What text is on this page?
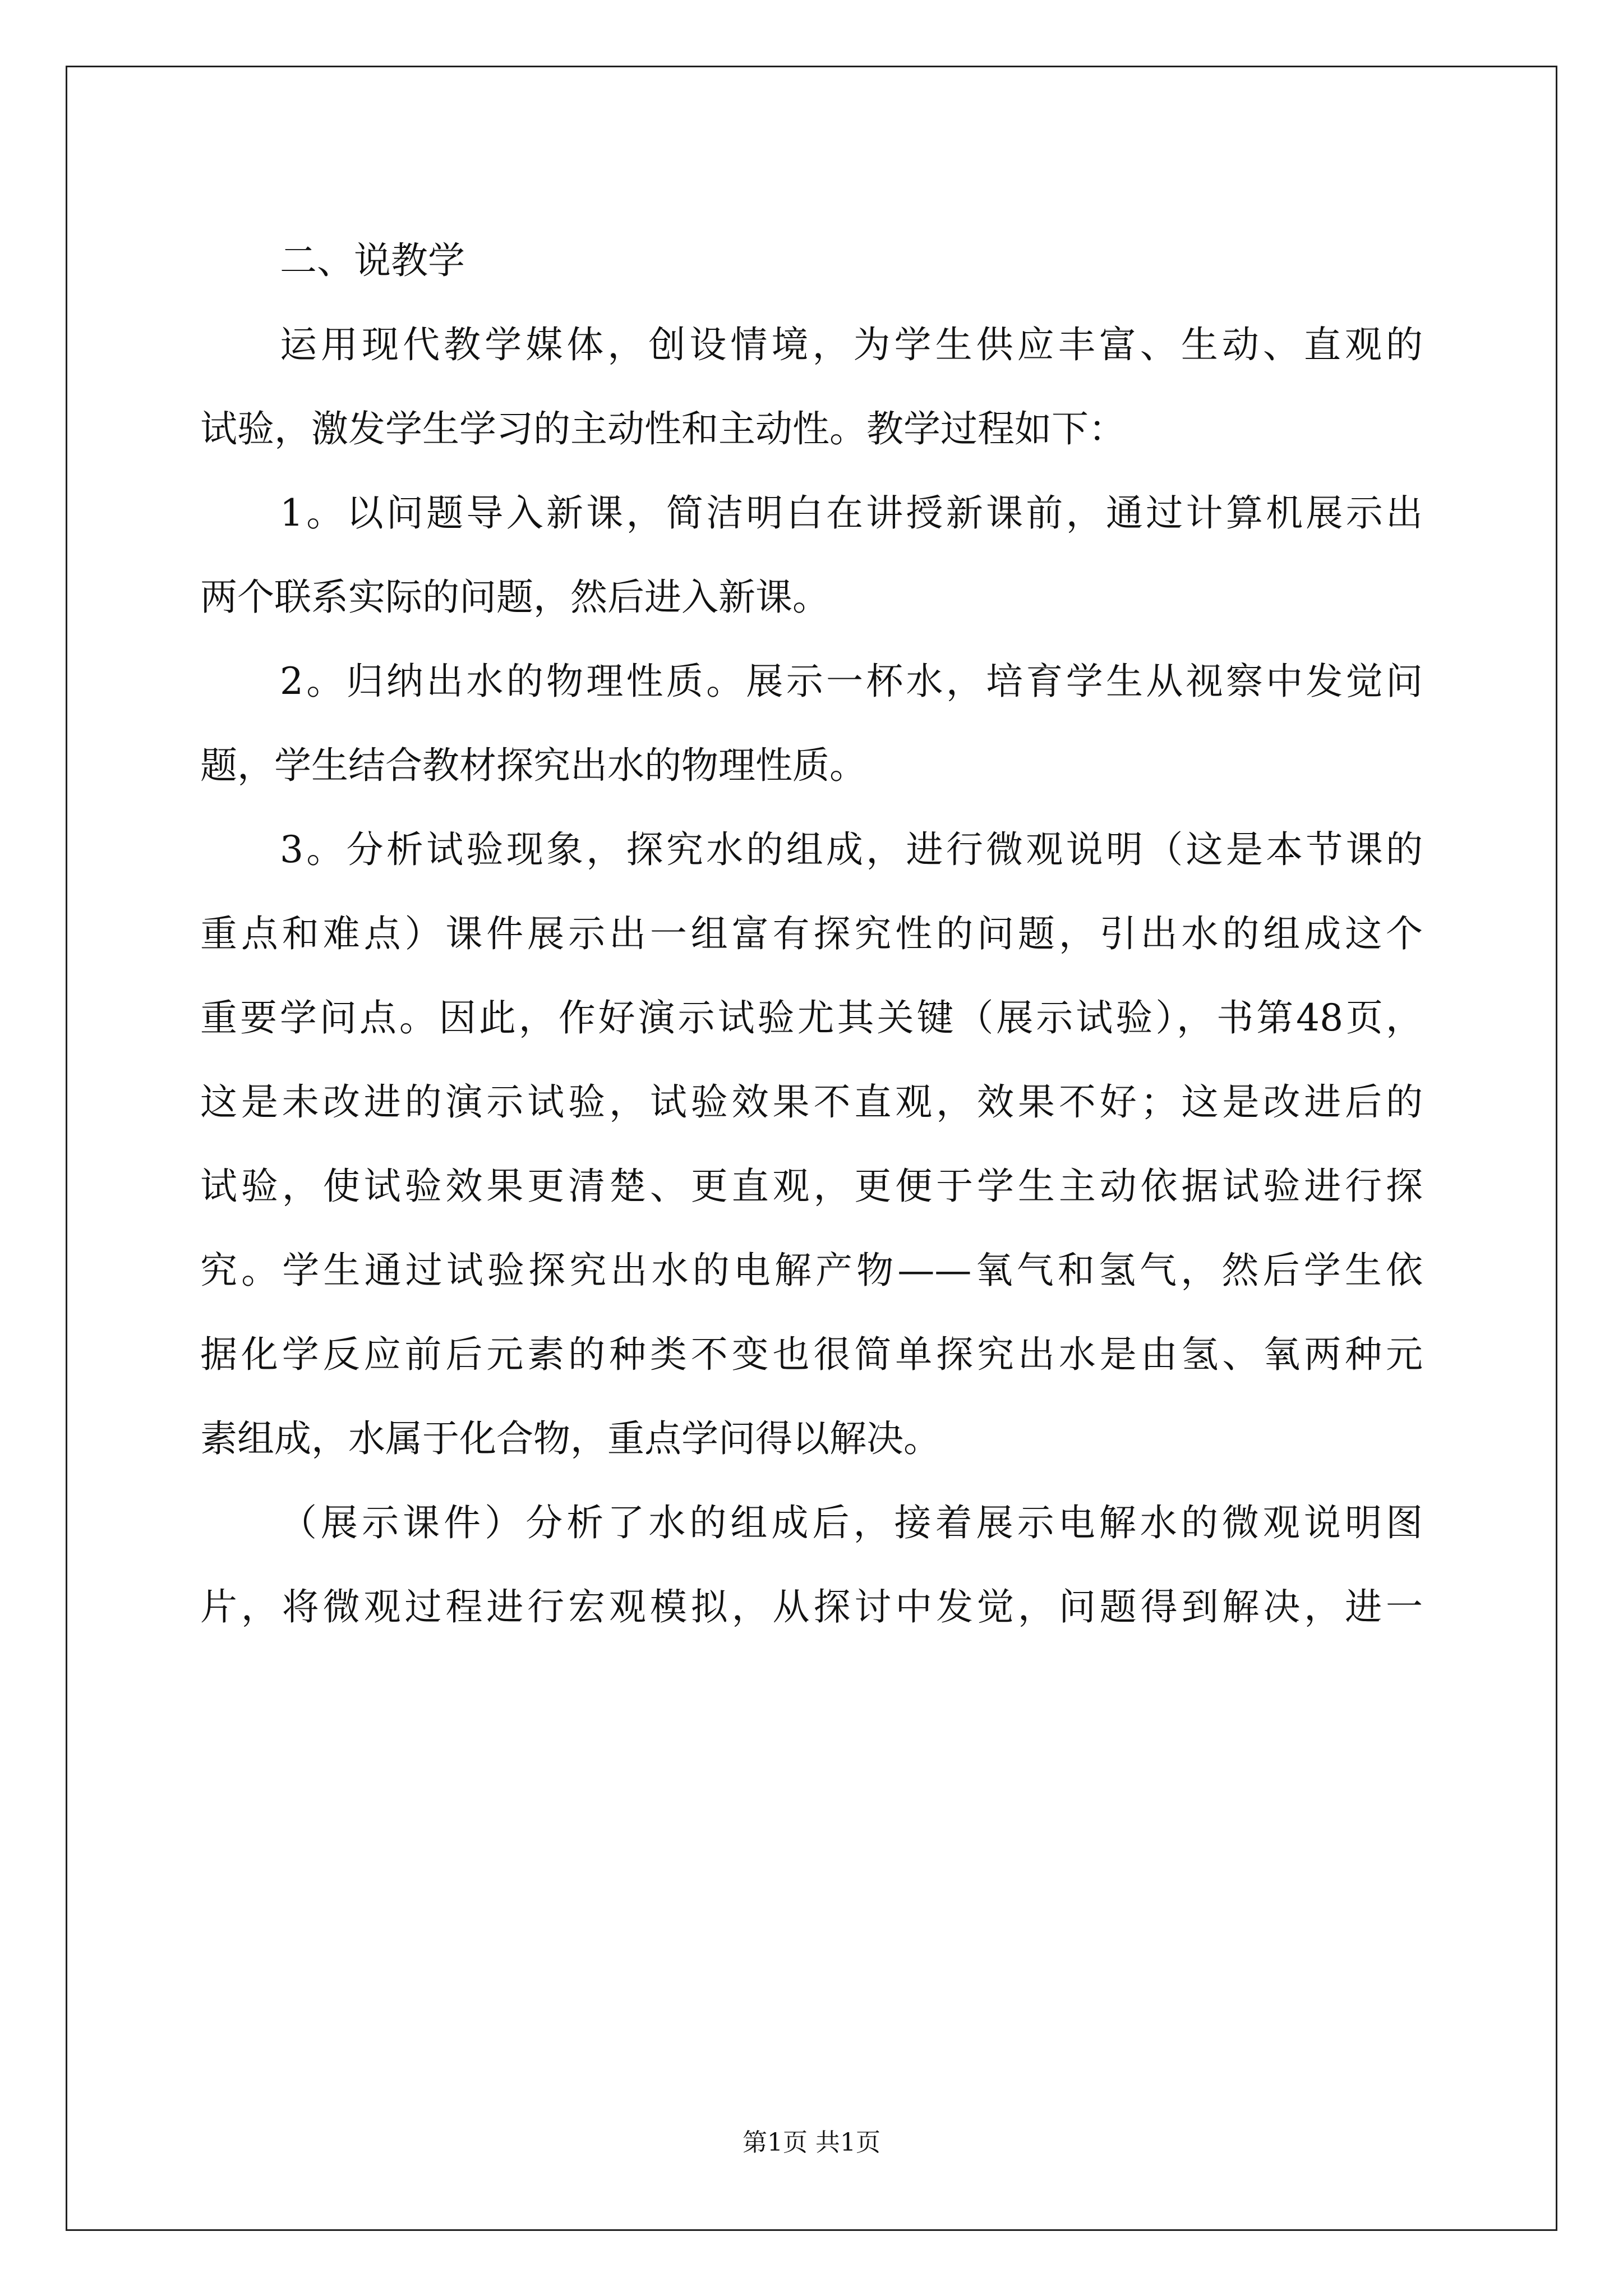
二、说教学
运用现代教学媒体，创设情境，为学生供应丰富、生动、直观的
试验，激发学生学习的主动性和主动性。教学过程如下：
1。以问题导入新课，简洁明白在讲授新课前，通过计算机展示出
两个联系实际的问题，然后进入新课。
2。归纳出水的物理性质。展示一杯水，培育学生从视察中发觉问
题，学生结合教材探究出水的物理性质。
3。分析试验现象，探究水的组成，进行微观说明（这是本节课的
重点和难点）课件展示出一组富有探究性的问题，引出水的组成这个
重要学问点。因此，作好演示试验尤其关键（展示试验），书第48页，
这是未改进的演示试验，试验效果不直观，效果不好；这是改进后的
试验，使试验效果更清楚、更直观，更便于学生主动依据试验进行探
究。学生通过试验探究出水的电解产物——氧气和氢气，然后学生依
据化学反应前后元素的种类不变也很简单探究出水是由氢、氧两种元
素组成，水属于化合物，重点学问得以解决。
（展示课件）分析了水的组成后，接着展示电解水的微观说明图
片，将微观过程进行宏观模拟，从探讨中发觉，问题得到解决，进一
第1页 共1页
